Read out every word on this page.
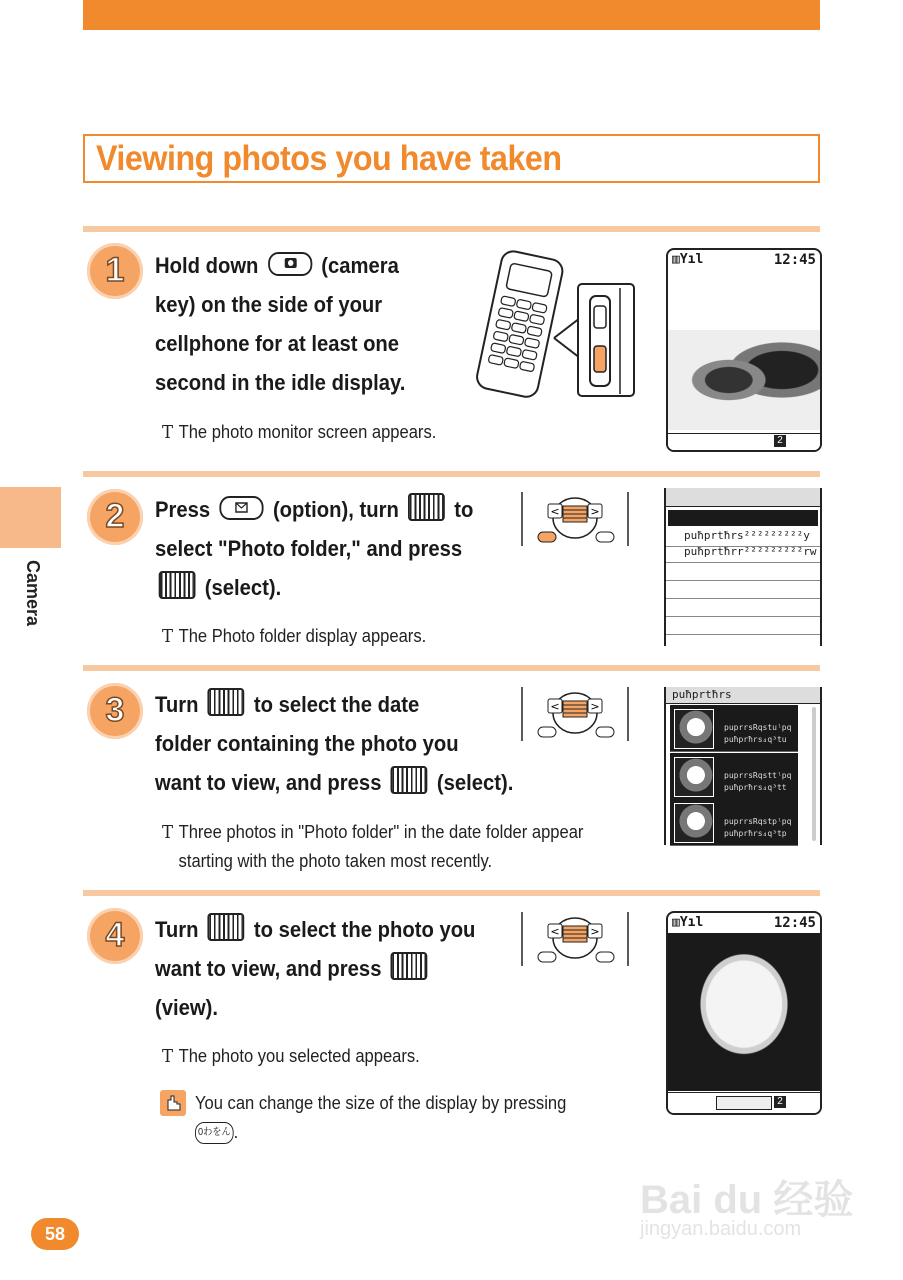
Viewing photos you have taken
Camera
1	Hold down	(camera
key) on the side of your
cellphone for at least one
second in the idle display.
T The photo monitor screen appears.
▥Yıl	12:45
2
2	Press	(option), turn	to
select "Photo folder," and press
(select).
T The Photo folder display appears.
<	>
puħprtħrs²²²²²²²²²y
puħprtħrr²²²²²²²²²rw
3	Turn	to select the date
folder containing the photo you
want to view, and press	(select).
T Three photos in "Photo folder" in the date folder appear
starting with the photo taken most recently.
<	>
puħprtħrs
puprrsRqstuˡpq
puħprħrs₄q³tu
puprrsRqsttˡpq
puħprħrs₄q³tt
puprrsRqstpˡpq
puħprħrs₄q³tp
4	Turn	to select the photo you
want to view, and press
(view).
T The photo you selected appears.
You can change the size of the display by pressing
0わをん .
<	>
▥Yıl	12:45
2
58
Bai du 经验
jingyan.baidu.com
